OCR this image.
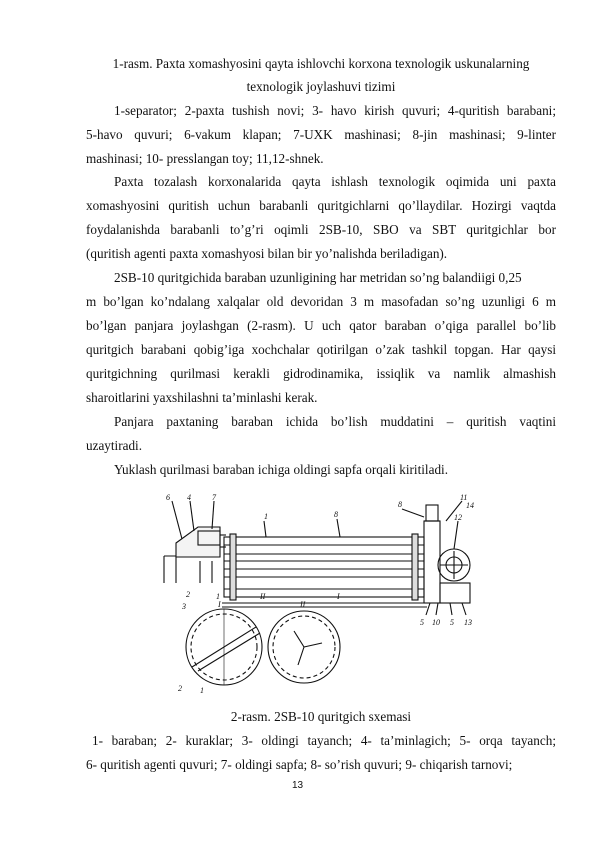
1-rasm. Paxta xomashyosini qayta ishlovchi korxona texnologik uskunalarning
texnologik joylashuvi tizimi
1-separator; 2-paxta tushish novi; 3- havo kirish quvuri; 4-quritish barabani;
5-havo quvuri; 6-vakum klapan; 7-UXK mashinasi; 8-jin mashinasi; 9-linter
mashinasi; 10- presslangan toy; 11,12-shnek.
Paxta tozalash korxonalarida qayta ishlash texnologik oqimida uni paxta
xomashyosini quritish uchun barabanli quritgichlarni qo’llaydilar. Hozirgi vaqtda
foydalanishda barabanli to’g’ri oqimli 2SB-10, SBO va SBT quritgichlar bor
(quritish agenti paxta xomashyosi bilan bir yo’nalishda beriladigan).
2SB-10 quritgichida baraban uzunligining har metridan so’ng balandiigi 0,25
m bo’lgan ko’ndalang xalqalar old devoridan 3 m masofadan so’ng uzunligi 6 m
bo’lgan panjara joylashgan (2-rasm). U uch qator baraban o’qiga parallel bo’lib
quritgich barabani qobig’iga xochchalar qotirilgan o’zak tashkil topgan. Har qaysi
quritgichning qurilmasi kerakli gidrodinamika, issiqlik va namlik almashish
sharoitlarini yaxshilashni ta’minlashi kerak.
Panjara paxtaning baraban ichida bo’lish muddatini – quritish vaqtini
uzaytiradi.
Yuklash qurilmasi baraban ichiga oldingi sapfa orqali kiritiladi.
6 4	7
1	8
8
11
14
12
2	1
3
II	I
I	II
2 1
5 10 5 13
2-rasm. 2SB-10 quritgich sxemasi
1- baraban; 2- kuraklar; 3- oldingi tayanch; 4- ta’minlagich; 5- orqa tayanch;
6- quritish agenti quvuri; 7- oldingi sapfa; 8- so’rish quvuri; 9- chiqarish tarnovi;
13
